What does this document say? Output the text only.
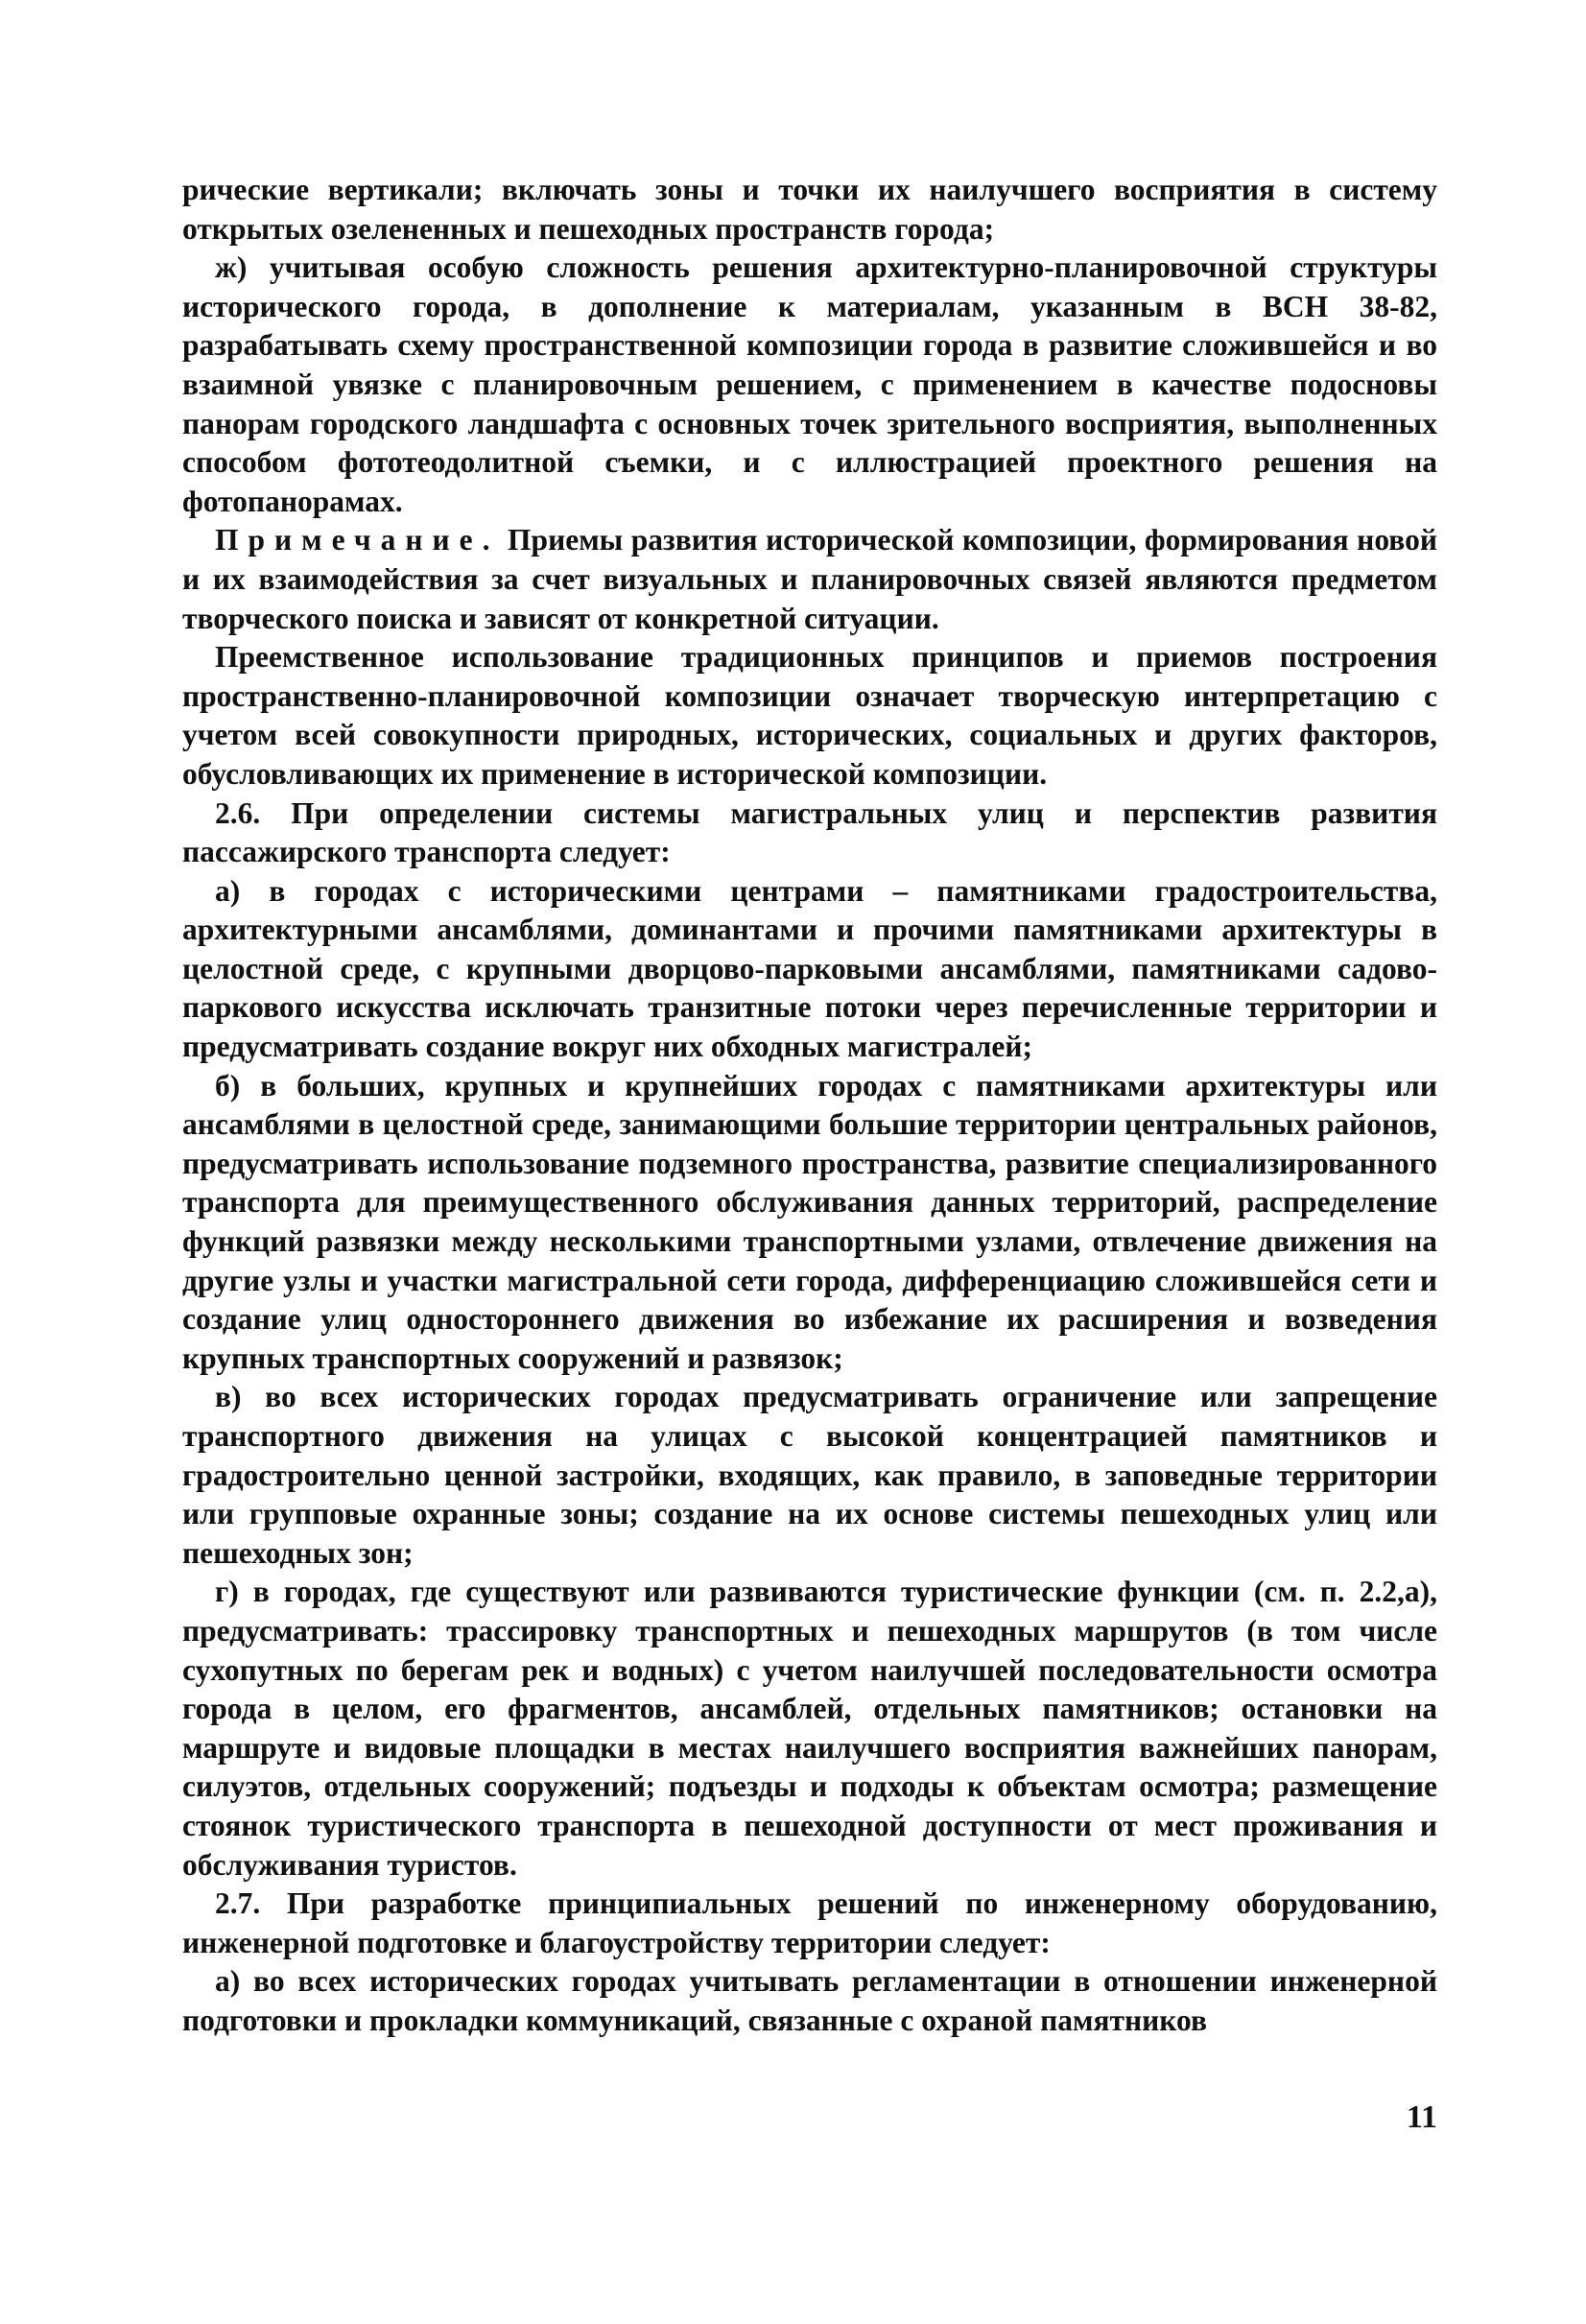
рические вертикали; включать зоны и точки их наилучшего восприятия в систему открытых озелененных и пешеходных пространств города;

ж) учитывая особую сложность решения архитектурно-планировочной структуры исторического города, в дополнение к материалам, указанным в ВСН 38-82, разрабатывать схему пространственной композиции города в развитие сложившейся и во взаимной увязке с планировочным решением, с применением в качестве подосновы панорам городского ландшафта с основных точек зрительного восприятия, выполненных способом фототеодолитной съемки, и с иллюстрацией проектного решения на фотопанорамах.

Примечание. Приемы развития исторической композиции, формирования новой и их взаимодействия за счет визуальных и планировочных связей являются предметом творческого поиска и зависят от конкретной ситуации.

Преемственное использование традиционных принципов и приемов построения пространственно-планировочной композиции означает творческую интерпретацию с учетом всей совокупности природных, исторических, социальных и других факторов, обусловливающих их применение в исторической композиции.

2.6. При определении системы магистральных улиц и перспектив развития пассажирского транспорта следует:

а) в городах с историческими центрами – памятниками градостроительства, архитектурными ансамблями, доминантами и прочими памятниками архитектуры в целостной среде, с крупными дворцово-парковыми ансамблями, памятниками садово-паркового искусства исключать транзитные потоки через перечисленные территории и предусматривать создание вокруг них обходных магистралей;

б) в больших, крупных и крупнейших городах с памятниками архитектуры или ансамблями в целостной среде, занимающими большие территории центральных районов, предусматривать использование подземного пространства, развитие специализированного транспорта для преимущественного обслуживания данных территорий, распределение функций развязки между несколькими транспортными узлами, отвлечение движения на другие узлы и участки магистральной сети города, дифференциацию сложившейся сети и создание улиц одностороннего движения во избежание их расширения и возведения крупных транспортных сооружений и развязок;

в) во всех исторических городах предусматривать ограничение или запрещение транспортного движения на улицах с высокой концентрацией памятников и градостроительно ценной застройки, входящих, как правило, в заповедные территории или групповые охранные зоны; создание на их основе системы пешеходных улиц или пешеходных зон;

г) в городах, где существуют или развиваются туристические функции (см. п. 2.2,а), предусматривать: трассировку транспортных и пешеходных маршрутов (в том числе сухопутных по берегам рек и водных) с учетом наилучшей последовательности осмотра города в целом, его фрагментов, ансамблей, отдельных памятников; остановки на маршруте и видовые площадки в местах наилучшего восприятия важнейших панорам, силуэтов, отдельных сооружений; подъезды и подходы к объектам осмотра; размещение стоянок туристического транспорта в пешеходной доступности от мест проживания и обслуживания туристов.

2.7. При разработке принципиальных решений по инженерному оборудованию, инженерной подготовке и благоустройству территории следует:

а) во всех исторических городах учитывать регламентации в отношении инженерной подготовки и прокладки коммуникаций, связанные с охраной памятников

11
